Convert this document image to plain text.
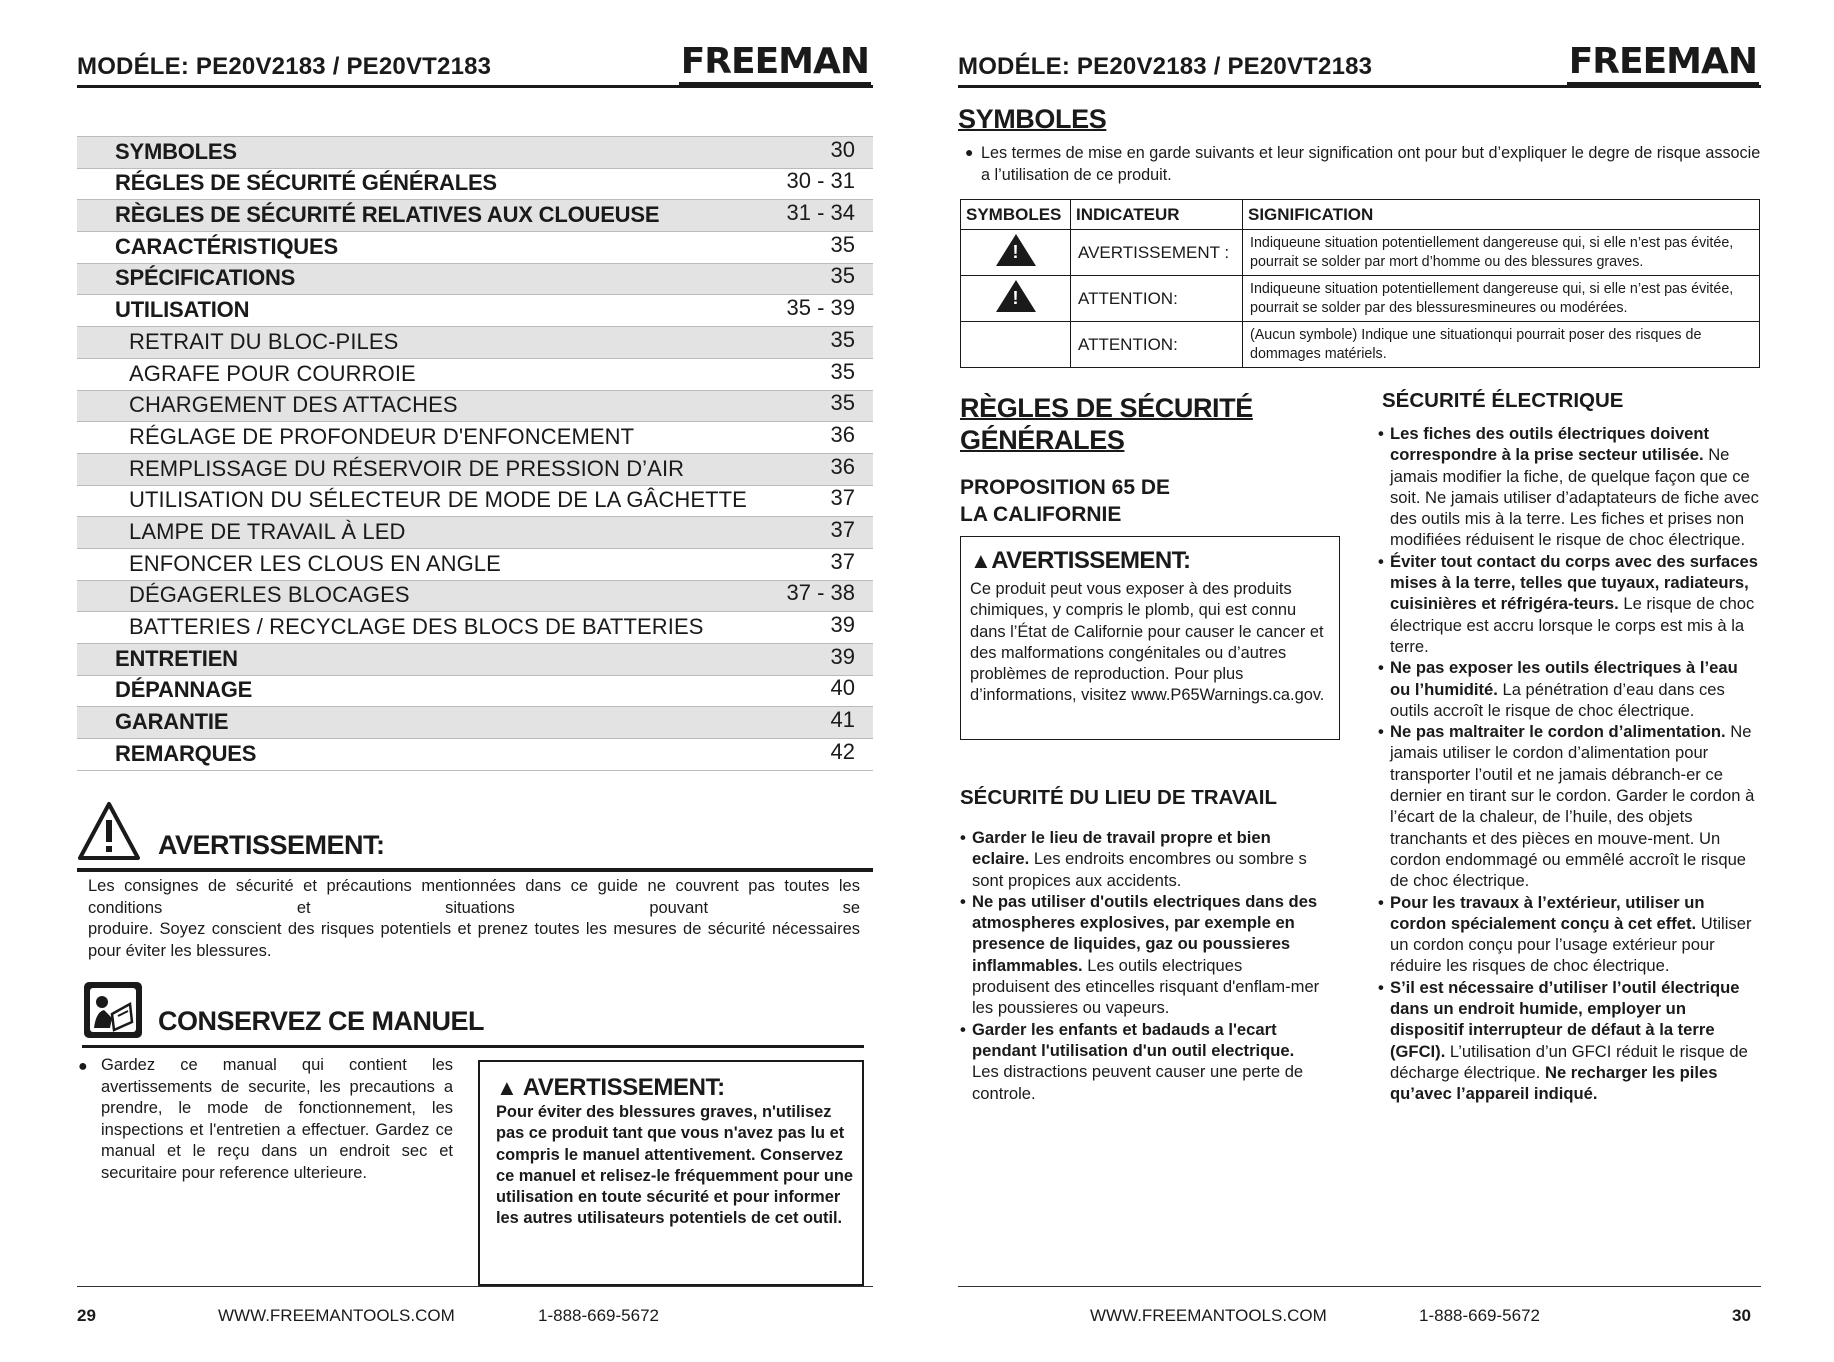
MODÉLE: PE20V2183 / PE20VT2183	FREEMAN
SYMBOLES	30
RÉGLES DE SÉCURITÉ GÉNÉRALES	30 - 31
RÈGLES DE SÉCURITÉ RELATIVES AUX CLOUEUSE	31 - 34
CARACTÉRISTIQUES	35
SPÉCIFICATIONS	35
UTILISATION	35 - 39
RETRAIT DU BLOC-PILES	35
AGRAFE POUR COURROIE	35
CHARGEMENT DES ATTACHES	35
RÉGLAGE DE PROFONDEUR D'ENFONCEMENT	36
REMPLISSAGE DU RÉSERVOIR DE PRESSION D’AIR	36
UTILISATION DU SÉLECTEUR DE MODE DE LA GÂCHETTE	37
LAMPE DE TRAVAIL À LED	37
ENFONCER LES CLOUS EN ANGLE	37
DÉGAGERLES BLOCAGES	37 - 38
BATTERIES / RECYCLAGE DES BLOCS DE BATTERIES	39
ENTRETIEN	39
DÉPANNAGE	40
GARANTIE	41
REMARQUES	42
AVERTISSEMENT:
Les consignes de sécurité et précautions mentionnées dans ce guide ne couvrent pas toutes les conditions et situations pouvant se
produire. Soyez conscient des risques potentiels et prenez toutes les mesures de sécurité nécessaires pour éviter les blessures.
CONSERVEZ CE MANUEL
● Gardez ce manual qui contient les avertissements de securite, les precautions a prendre, le mode de fonctionnement, les inspections et l'entretien a effectuer. Gardez ce manual et le reçu dans un endroit sec et securitaire pour reference ulterieure.
▲ AVERTISSEMENT:
Pour éviter des blessures graves, n'utilisez pas ce produit tant que vous n'avez pas lu et compris le manuel attentivement. Conservez ce manuel et relisez-le fréquemment pour une utilisation en toute sécurité et pour informer les autres utilisateurs potentiels de cet outil.
29	WWW.FREEMANTOOLS.COM	1-888-669-5672
MODÉLE: PE20V2183 / PE20VT2183	FREEMAN
SYMBOLES
● Les termes de mise en garde suivants et leur signification ont pour but d’expliquer le degre de risque associe a l’utilisation de ce produit.
SYMBOLES	INDICATEUR	SIGNIFICATION

!	AVERTISSEMENT :	Indiqueune situation potentiellement dangereuse qui, si elle n’est pas évitée, pourrait se solder par mort d’homme ou des blessures graves.

!	ATTENTION:	Indiqueune situation potentiellement dangereuse qui, si elle n’est pas évitée, pourrait se solder par des blessuresmineures ou modérées.
	ATTENTION:	(Aucun symbole) Indique une situationqui pourrait poser des risques de dommages matériels.
RÈGLES DE SÉCURITÉ
GÉNÉRALES
PROPOSITION 65 DE
LA CALIFORNIE
▲AVERTISSEMENT:
Ce produit peut vous exposer à des produits chimiques, y compris le plomb, qui est connu dans l’État de Californie pour causer le cancer et des malformations congénitales ou d’autres problèmes de reproduction. Pour plus d’informations, visitez www.P65Warnings.ca.gov.
SÉCURITÉ DU LIEU DE TRAVAIL
• Garder le lieu de travail propre et bien eclaire. Les endroits encombres ou sombre s sont propices aux accidents.
• Ne pas utiliser d'outils electriques dans des atmospheres explosives, par exemple en presence de liquides, gaz ou poussieres inflammables. Les outils electriques produisent des etincelles risquant d'enflam-mer les poussieres ou vapeurs.
• Garder les enfants et badauds a l'ecart pendant l'utilisation d'un outil electrique. Les distractions peuvent causer une perte de controle.
SÉCURITÉ ÉLECTRIQUE
• Les fiches des outils électriques doivent correspondre à la prise secteur utilisée. Ne jamais modifier la fiche, de quelque façon que ce soit. Ne jamais utiliser d’adaptateurs de fiche avec des outils mis à la terre. Les fiches et prises non modifiées réduisent le risque de choc électrique.
• Éviter tout contact du corps avec des surfaces mises à la terre, telles que tuyaux, radiateurs, cuisinières et réfrigéra-teurs. Le risque de choc électrique est accru lorsque le corps est mis à la terre.
• Ne pas exposer les outils électriques à l’eau ou l’humidité. La pénétration d’eau dans ces outils accroît le risque de choc électrique.
• Ne pas maltraiter le cordon d’alimentation. Ne jamais utiliser le cordon d’alimentation pour transporter l’outil et ne jamais débranch-er ce dernier en tirant sur le cordon. Garder le cordon à l’écart de la chaleur, de l’huile, des objets tranchants et des pièces en mouve-ment. Un cordon endommagé ou emmêlé accroît le risque de choc électrique.
• Pour les travaux à l’extérieur, utiliser un cordon spécialement conçu à cet effet. Utiliser un cordon conçu pour l’usage extérieur pour réduire les risques de choc électrique.
• S’il est nécessaire d’utiliser l’outil électrique dans un endroit humide, employer un dispositif interrupteur de défaut à la terre (GFCI). L’utilisation d’un GFCI réduit le risque de décharge électrique. Ne recharger les piles qu’avec l’appareil indiqué.
WWW.FREEMANTOOLS.COM	1-888-669-5672	30
